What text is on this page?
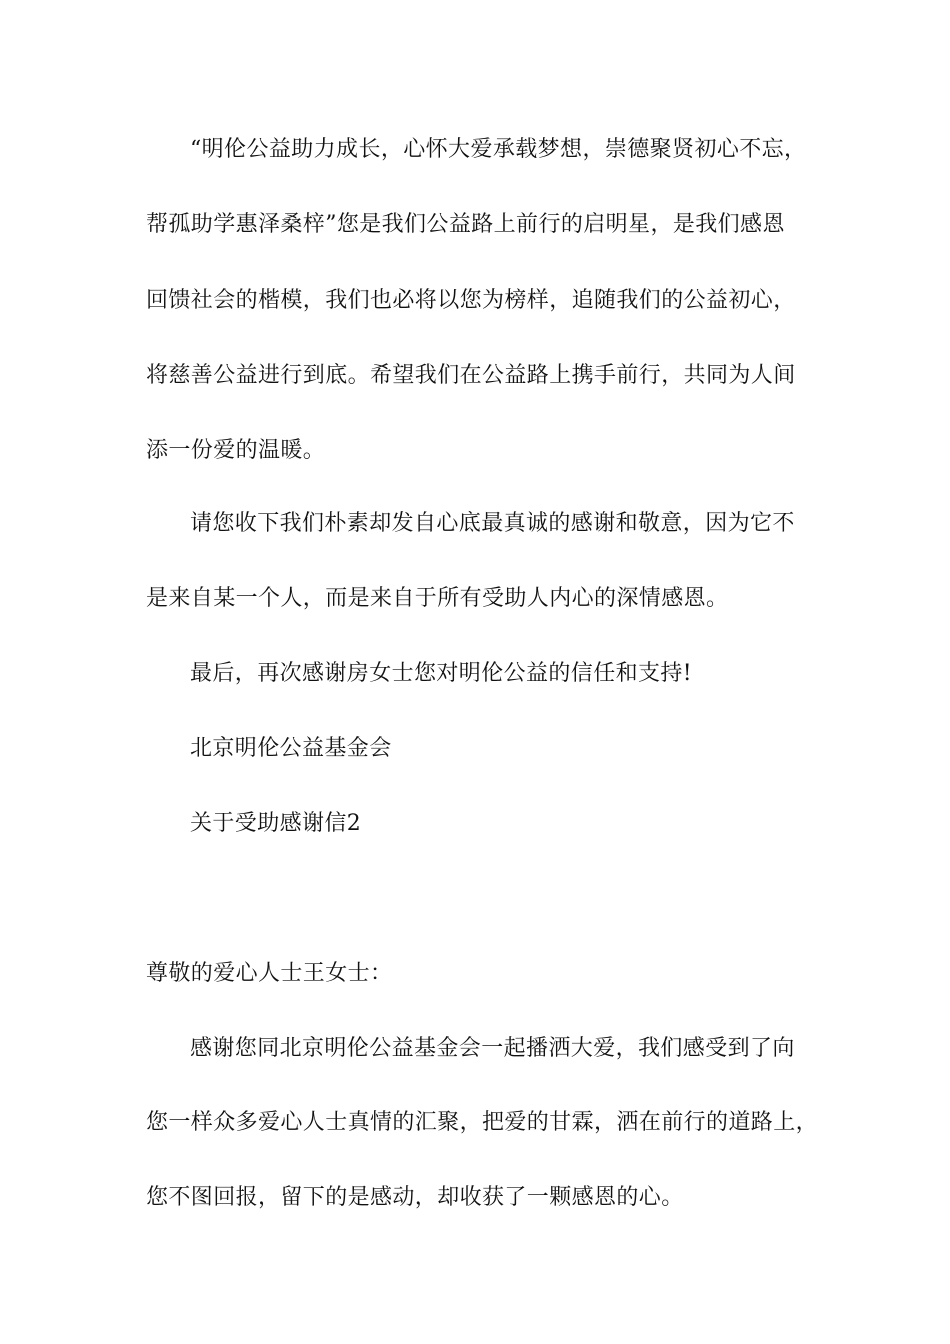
“明伦公益助力成长，心怀大爱承载梦想，崇德聚贤初心不忘，
帮孤助学惠泽桑梓”您是我们公益路上前行的启明星，是我们感恩
回馈社会的楷模，我们也必将以您为榜样，追随我们的公益初心，
将慈善公益进行到底。希望我们在公益路上携手前行，共同为人间
添一份爱的温暖。
请您收下我们朴素却发自心底最真诚的感谢和敬意，因为它不
是来自某一个人，而是来自于所有受助人内心的深情感恩。
最后，再次感谢房女士您对明伦公益的信任和支持!
北京明伦公益基金会
关于受助感谢信2
尊敬的爱心人士王女士：
感谢您同北京明伦公益基金会一起播洒大爱，我们感受到了向
您一样众多爱心人士真情的汇聚，把爱的甘霖，洒在前行的道路上，
您不图回报，留下的是感动，却收获了一颗感恩的心。
